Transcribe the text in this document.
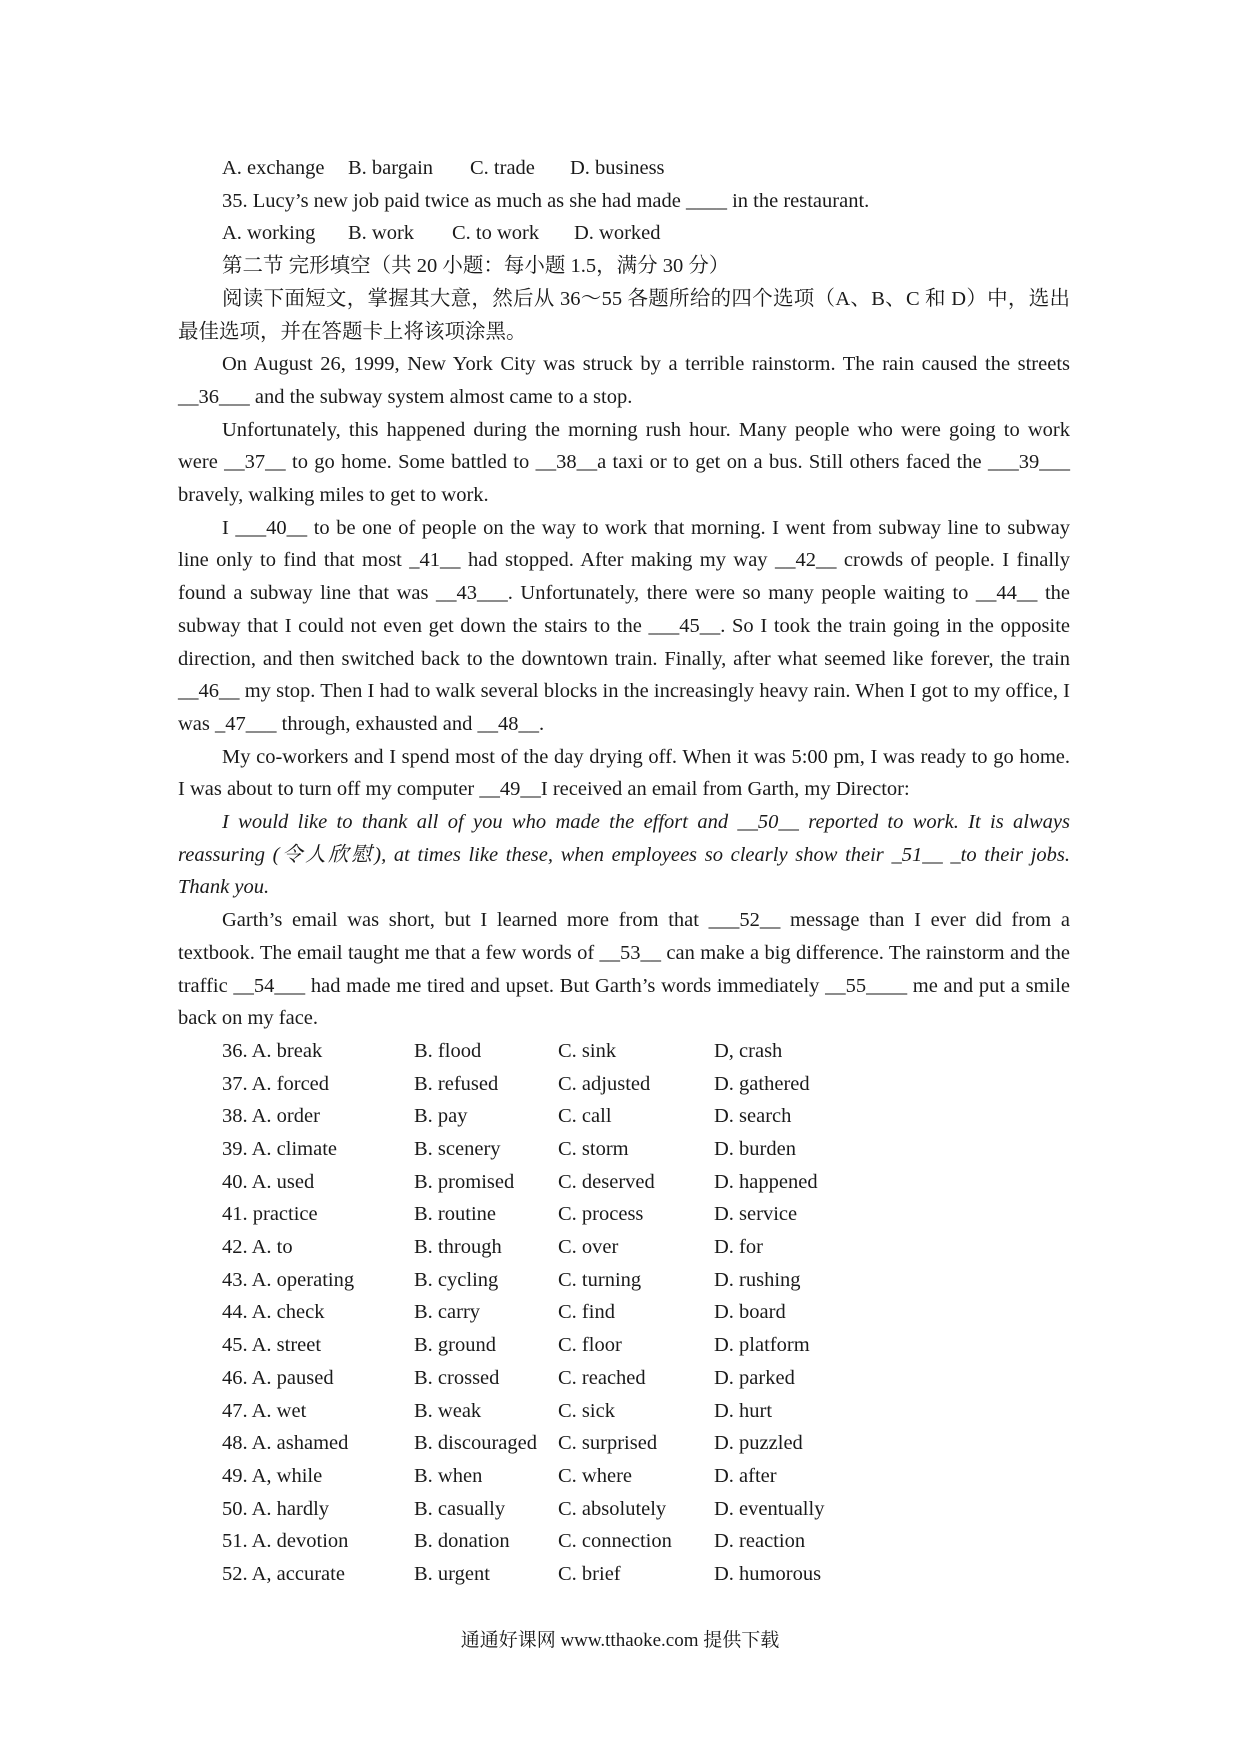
A. exchange B. bargain C. trade D. business
35. Lucy’s new job paid twice as much as she had made ____ in the restaurant.
A. working B. work C. to work D. worked
第二节 完形填空（共 20 小题：每小题 1.5，满分 30 分）
阅读下面短文，掌握其大意，然后从 36～55 各题所给的四个选项（A、B、C 和 D）中，选出最佳选项，并在答题卡上将该项涂黑。
On August 26, 1999, New York City was struck by a terrible rainstorm. The rain caused the streets __36___ and the subway system almost came to a stop.
Unfortunately, this happened during the morning rush hour. Many people who were going to work were __37__ to go home. Some battled to __38__a taxi or to get on a bus. Still others faced the ___39___ bravely, walking miles to get to work.
I ___40__ to be one of people on the way to work that morning. I went from subway line to subway line only to find that most _41__ had stopped. After making my way __42__ crowds of people. I finally found a subway line that was __43___. Unfortunately, there were so many people waiting to __44__ the subway that I could not even get down the stairs to the ___45__. So I took the train going in the opposite direction, and then switched back to the downtown train. Finally, after what seemed like forever, the train __46__ my stop. Then I had to walk several blocks in the increasingly heavy rain. When I got to my office, I was _47___ through, exhausted and __48__.
My co-workers and I spend most of the day drying off. When it was 5:00 pm, I was ready to go home. I was about to turn off my computer __49__I received an email from Garth, my Director:
I would like to thank all of you who made the effort and __50__ reported to work. It is always reassuring (令人欣慰), at times like these, when employees so clearly show their _51__ _to their jobs. Thank you.
Garth’s email was short, but I learned more from that ___52__ message than I ever did from a textbook. The email taught me that a few words of __53__ can make a big difference. The rainstorm and the traffic __54___ had made me tired and upset. But Garth’s words immediately __55____ me and put a smile back on my face.
36. A. break	B. flood	C. sink	D, crash
37. A. forced	B. refused	C. adjusted	D. gathered
38. A. order	B. pay	C. call	D. search
39. A. climate	B. scenery	C. storm	D. burden
40. A. used	B. promised C. deserved	D. happened
41. practice	B. routine	C. process	D. service
42. A. to	B. through	C. over	D. for
43. A. operating	B. cycling	C. turning	D. rushing
44. A. check	B. carry	C. find	D. board
45. A. street	B. ground	C. floor	D. platform
46. A. paused	B. crossed	C. reached	D. parked
47. A. wet	B. weak	C. sick	D. hurt
48. A. ashamed	B. discouraged C. surprised	D. puzzled
49. A, while	B. when	C. where	D. after
50. A. hardly	B. casually	C. absolutely D. eventually
51. A. devotion	B. donation C. connection D. reaction
52. A, accurate	B. urgent	C. brief	D. humorous
通通好课网 www.tthaoke.com 提供下载
